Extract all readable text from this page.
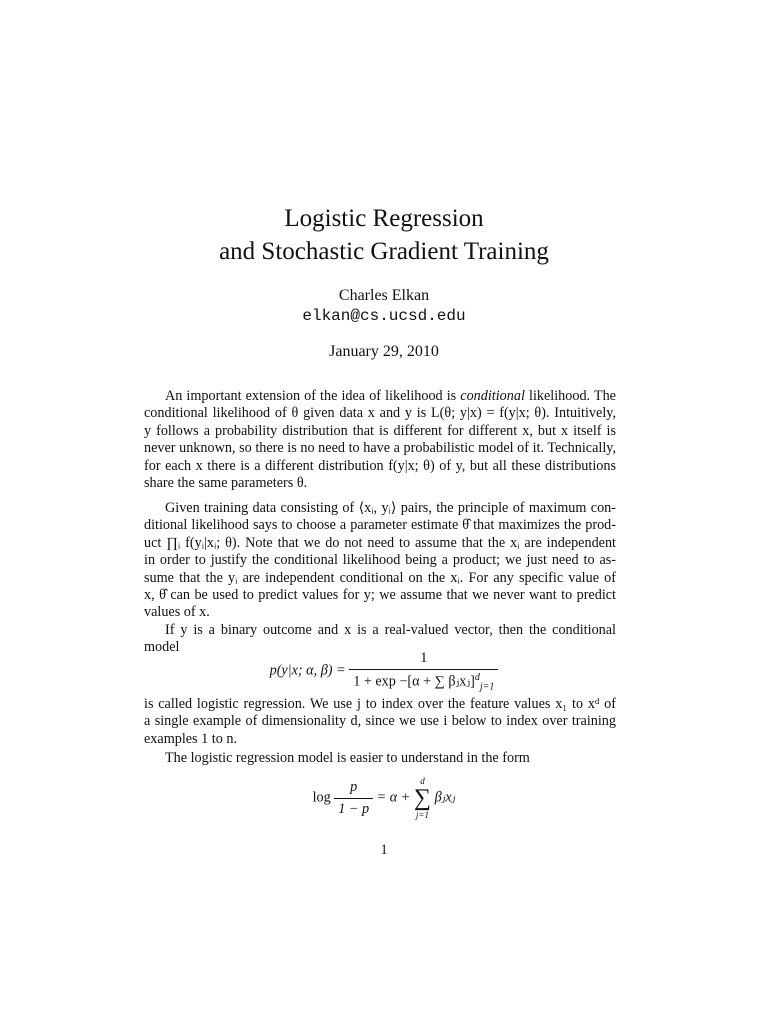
Logistic Regression
and Stochastic Gradient Training
Charles Elkan
elkan@cs.ucsd.edu
January 29, 2010
An important extension of the idea of likelihood is conditional likelihood. The
conditional likelihood of θ given data x and y is L(θ; y|x) = f(y|x; θ). Intuitively,
y follows a probability distribution that is different for different x, but x itself is
never unknown, so there is no need to have a probabilistic model of it. Technically,
for each x there is a different distribution f(y|x; θ) of y, but all these distributions
share the same parameters θ.
Given training data consisting of ⟨xᵢ, yᵢ⟩ pairs, the principle of maximum con-
ditional likelihood says to choose a parameter estimate θ̂ that maximizes the prod-
uct ∏ᵢ f(yᵢ|xᵢ; θ). Note that we do not need to assume that the xᵢ are independent
in order to justify the conditional likelihood being a product; we just need to as-
sume that the yᵢ are independent conditional on the xᵢ. For any specific value of
x, θ̂ can be used to predict values for y; we assume that we never want to predict
values of x.
If y is a binary outcome and x is a real-valued vector, then the conditional
model
p(y|x; α, $\beta) = \frac{1}{1 + \exp -[\alpha + \sum \beta ⱼxⱼ]^d_{j=1}}$
is called logistic regression. We use j to index over the feature values x₁ to xᵈ of
a single example of dimensionality d, since we use i below to index over training
examples 1 to n.
The logistic regression model is easier to understand in the form
$\log \frac{p}{1 - p} = \alpha$ +
d
∑
j=1
βⱼxⱼ
1
